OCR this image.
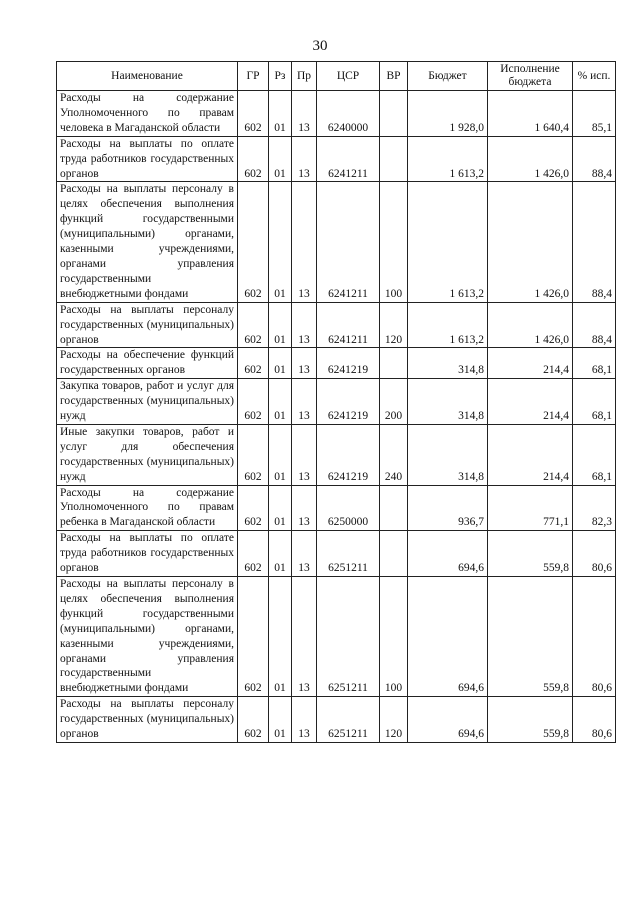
30
Наименование	ГР	Рз	Пр	ЦСР	ВР	Бюджет	Исполнение бюджета	% исп.
Расходы на содержание Уполномоченного по правам человека в Магаданской области	602	01	13	6240000		1 928,0	1 640,4	85,1
Расходы на выплаты по оплате труда работников государственных органов	602	01	13	6241211		1 613,2	1 426,0	88,4
Расходы на выплаты персоналу в целях обеспечения выполнения функций государственными (муниципальными) органами, казенными учреждениями, органами управления государственными внебюджетными фондами	602	01	13	6241211	100	1 613,2	1 426,0	88,4
Расходы на выплаты персоналу государственных (муниципальных) органов	602	01	13	6241211	120	1 613,2	1 426,0	88,4
Расходы на обеспечение функций государственных органов	602	01	13	6241219		314,8	214,4	68,1
Закупка товаров, работ и услуг для государственных (муниципальных) нужд	602	01	13	6241219	200	314,8	214,4	68,1
Иные закупки товаров, работ и услуг для обеспечения государственных (муниципальных) нужд	602	01	13	6241219	240	314,8	214,4	68,1
Расходы на содержание Уполномоченного по правам ребенка в Магаданской области	602	01	13	6250000		936,7	771,1	82,3
Расходы на выплаты по оплате труда работников государственных органов	602	01	13	6251211		694,6	559,8	80,6
Расходы на выплаты персоналу в целях обеспечения выполнения функций государственными (муниципальными) органами, казенными учреждениями, органами управления государственными внебюджетными фондами	602	01	13	6251211	100	694,6	559,8	80,6
Расходы на выплаты персоналу государственных (муниципальных) органов	602	01	13	6251211	120	694,6	559,8	80,6
